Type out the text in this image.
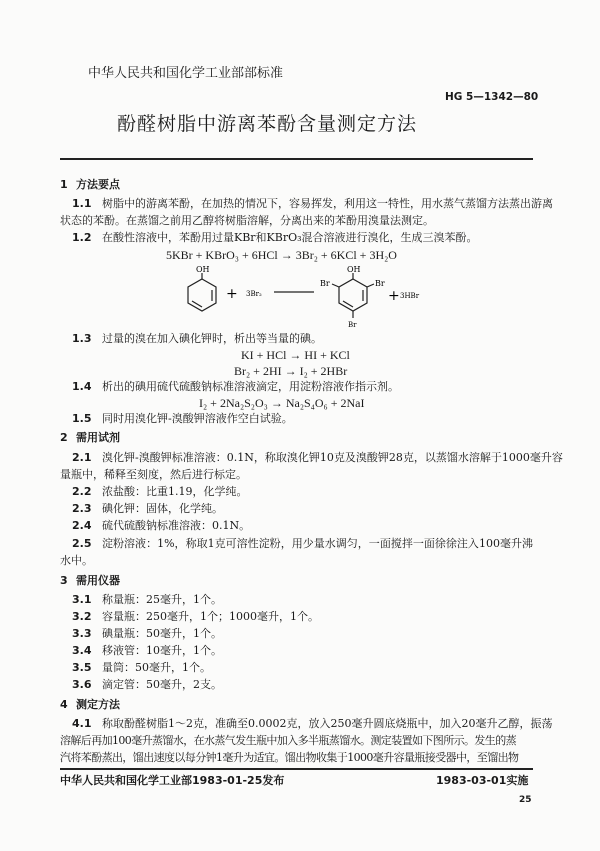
中华人民共和国化学工业部部标准
HG 5—1342—80
酚醛树脂中游离苯酚含量测定方法
1 方法要点
1.1 树脂中的游离苯酚，在加热的情况下，容易挥发，利用这一特性，用水蒸气蒸馏方法蒸出游离
状态的苯酚。在蒸馏之前用乙醇将树脂溶解，分离出来的苯酚用溴量法测定。
1.2 在酸性溶液中，苯酚用过量KBr和KBrO₃混合溶液进行溴化，生成三溴苯酚。
5KBr + KBrO₃ + 6HCl → 3Br₂ + 6KCl + 3H₂O
OH
+ 3Br₂
OH
Br	Br
Br
+ 3HBr
1.3 过量的溴在加入碘化钾时，析出等当量的碘。
KI + HCl → HI + KCl
Br₂ + 2HI → I₂ + 2HBr
1.4 析出的碘用硫代硫酸钠标准溶液滴定，用淀粉溶液作指示剂。
I₂ + 2Na₂S₂O₃ → Na₂S₄O₆ + 2NaI
1.5 同时用溴化钾-溴酸钾溶液作空白试验。
2 需用试剂
2.1 溴化钾-溴酸钾标准溶液：0.1N，称取溴化钾10克及溴酸钾28克，以蒸馏水溶解于1000毫升容
量瓶中，稀释至刻度，然后进行标定。
2.2 浓盐酸：比重1.19，化学纯。
2.3 碘化钾：固体，化学纯。
2.4 硫代硫酸钠标准溶液：0.1N。
2.5 淀粉溶液：1%，称取1克可溶性淀粉，用少量水调匀，一面搅拌一面徐徐注入100毫升沸
水中。
3 需用仪器
3.1 称量瓶：25毫升，1个。
3.2 容量瓶：250毫升，1个；1000毫升，1个。
3.3 碘量瓶：50毫升，1个。
3.4 移液管：10毫升，1个。
3.5 量筒：50毫升，1个。
3.6 滴定管：50毫升，2支。
4 测定方法
4.1 称取酚醛树脂1～2克，准确至0.0002克，放入250毫升圆底烧瓶中，加入20毫升乙醇，振荡
溶解后再加100毫升蒸馏水，在水蒸气发生瓶中加入多半瓶蒸馏水。测定装置如下图所示。发生的蒸
汽将苯酚蒸出，馏出速度以每分钟1毫升为适宜。馏出物收集于1000毫升容量瓶接受器中，至馏出物
中华人民共和国化学工业部1983-01-25发布	1983-03-01实施
25
